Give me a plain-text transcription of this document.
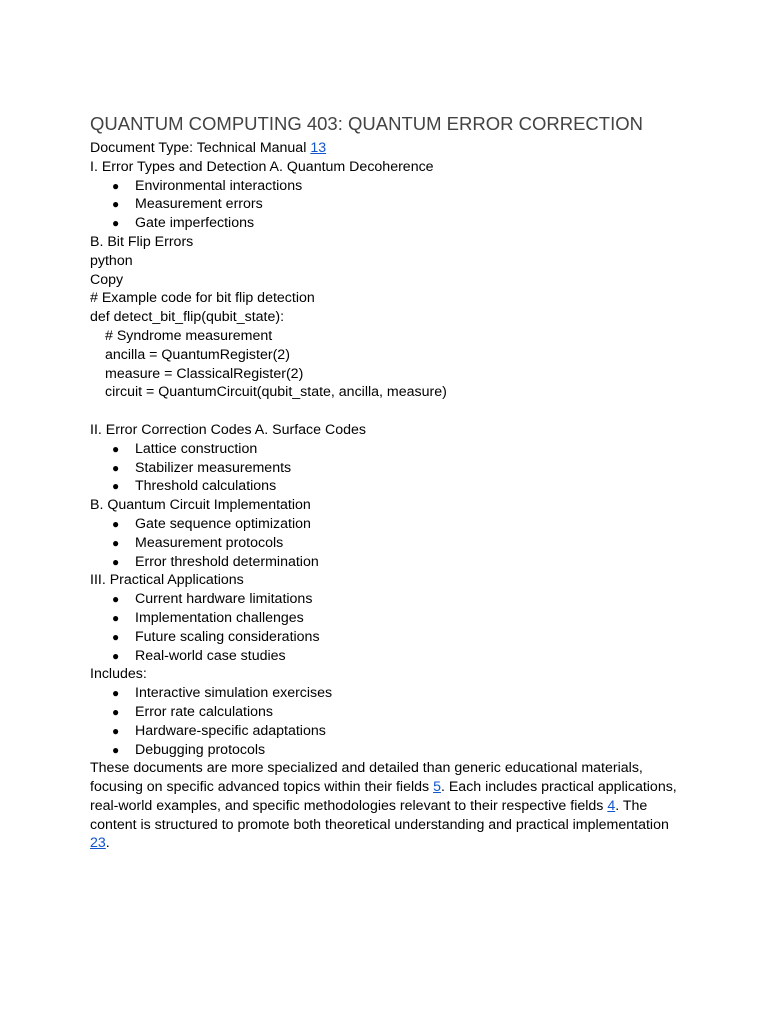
QUANTUM COMPUTING 403: QUANTUM ERROR CORRECTION
Document Type: Technical Manual 13
I. Error Types and Detection A. Quantum Decoherence
● Environmental interactions
● Measurement errors
● Gate imperfections
B. Bit Flip Errors
python
Copy
# Example code for bit flip detection
def detect_bit_flip(qubit_state):
# Syndrome measurement
ancilla = QuantumRegister(2)
measure = ClassicalRegister(2)
circuit = QuantumCircuit(qubit_state, ancilla, measure)
II. Error Correction Codes A. Surface Codes
● Lattice construction
● Stabilizer measurements
● Threshold calculations
B. Quantum Circuit Implementation
● Gate sequence optimization
● Measurement protocols
● Error threshold determination
III. Practical Applications
● Current hardware limitations
● Implementation challenges
● Future scaling considerations
● Real-world case studies
Includes:
● Interactive simulation exercises
● Error rate calculations
● Hardware-specific adaptations
● Debugging protocols
These documents are more specialized and detailed than generic educational materials, focusing on specific advanced topics within their fields 5. Each includes practical applications, real-world examples, and specific methodologies relevant to their respective fields 4. The content is structured to promote both theoretical understanding and practical implementation 23.
